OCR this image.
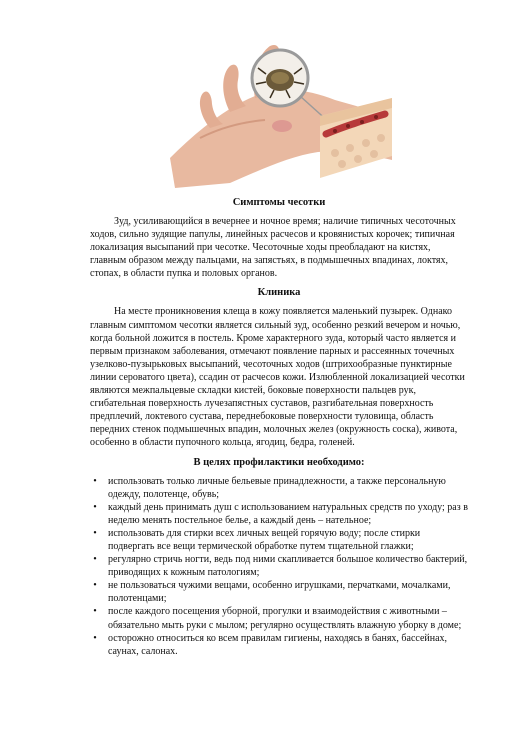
Симптомы чесотки

Зуд, усиливающийся в вечернее и ночное время; наличие типичных чесоточных ходов, сильно зудящие папулы, линейных расчесов и кровянистых корочек; типичная локализация высыпаний при чесотке. Чесоточные ходы преобладают на кистях, главным образом между пальцами, на запястьях, в подмышечных впадинах, локтях, стопах, в области пупка и половых органов.

Клиника

На месте проникновения клеща в кожу появляется маленький пузырек. Однако главным симптомом чесотки является сильный зуд, особенно резкий вечером и ночью, когда больной ложится в постель. Кроме характерного зуда, который часто является и первым признаком заболевания, отмечают появление парных и рассеянных точечных узелково-пузырьковых высыпаний, чесоточных ходов (штрихообразные пунктирные линии сероватого цвета), ссадин от расчесов кожи. Излюбленной локализацией чесотки являются межпальцевые складки кистей, боковые поверхности пальцев рук, сгибательная поверхность лучезапястных суставов, разгибательная поверхность предплечий, локтевого сустава, переднебоковые поверхности туловища, область передних стенок подмышечных впадин, молочных желез (окружность соска), живота, особенно в области пупочного кольца, ягодиц, бедра, голеней.

В целях профилактики необходимо:
•	использовать только личные бельевые принадлежности, а также персональную одежду, полотенце, обувь;
•	каждый день принимать душ с использованием натуральных средств по уходу; раз в неделю менять постельное белье, а каждый день – нательное;
•	использовать для стирки всех личных вещей горячую воду; после стирки подвергать все вещи термической обработке путем тщательной глажки;
•	регулярно стричь ногти, ведь под ними скапливается большое количество бактерий, приводящих к кожным патологиям;
•	не пользоваться чужими вещами, особенно игрушками, перчатками, мочалками, полотенцами;
•	после каждого посещения уборной, прогулки и взаимодействия с животными – обязательно мыть руки с мылом; регулярно осуществлять влажную уборку в доме;
•	осторожно относиться ко всем правилам гигиены, находясь в банях, бассейнах, саунах, салонах.
